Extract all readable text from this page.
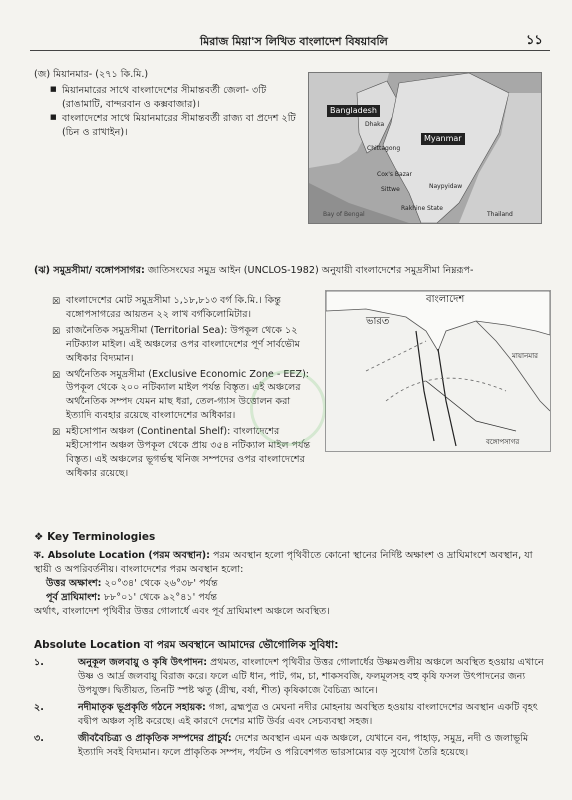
মিরাজ মিয়া'স লিখিত বাংলাদেশ বিষয়াবলি	১১
(জ) মিয়ানমার- (২৭১ কি.মি.)
■ মিয়ানমারের সাথে বাংলাদেশের সীমান্তবর্তী জেলা- ৩টি (রাঙামাটি, বান্দরবান ও কক্সবাজার)।
■ বাংলাদেশের সাথে মিয়ানমারের সীমান্তবর্তী রাজ্য বা প্রদেশ ২টি (চিন ও রাখাইন)।
Bangladesh
Dhaka
Chittagong
Myanmar
Cox's Bazar
Sittwe
Rakhine State
Bay of Bengal
Naypyidaw
Thailand
(ঝ) সমুদ্রসীমা/ বঙ্গোপসাগর: জাতিসংঘের সমুদ্র আইন (UNCLOS-1982) অনুযায়ী বাংলাদেশের সমুদ্রসীমা নিম্নরূপ-
☒ বাংলাদেশের মোট সমুদ্রসীমা ১,১৮,৮১৩ বর্গ কি.মি.। কিন্তু বঙ্গোপসাগরের আয়তন ২২ লাখ বর্গকিলোমিটার।
☒ রাজনৈতিক সমুদ্রসীমা (Territorial Sea): উপকূল থেকে ১২ নটিক্যাল মাইল। এই অঞ্চলের ওপর বাংলাদেশের পূর্ণ সার্বভৌম অধিকার বিদ্যমান।
☒ অর্থনৈতিক সমুদ্রসীমা (Exclusive Economic Zone - EEZ): উপকূল থেকে ২০০ নটিক্যাল মাইল পর্যন্ত বিস্তৃত। এই অঞ্চলের অর্থনৈতিক সম্পদ যেমন মাছ ধরা, তেল-গ্যাস উত্তোলন করা ইত্যাদি ব্যবহার রয়েছে বাংলাদেশের অধিকার।
☒ মহীসোপান অঞ্চল (Continental Shelf): বাংলাদেশের মহীসোপান অঞ্চল উপকূল থেকে প্রায় ৩৫৪ নটিক্যাল মাইল পর্যন্ত বিস্তৃত। এই অঞ্চলের ভূগর্ভস্থ খনিজ সম্পদের ওপর বাংলাদেশের অধিকার রয়েছে।
ভারত
বাংলাদেশ
মায়ানমার
বঙ্গোপসাগর
❖ Key Terminologies
ক. Absolute Location (পরম অবস্থান): পরম অবস্থান হলো পৃথিবীতে কোনো স্থানের নির্দিষ্ট অক্ষাংশ ও দ্রাঘিমাংশে অবস্থান, যা স্থায়ী ও অপরিবর্তনীয়। বাংলাদেশের পরম অবস্থান হলো:
উত্তর অক্ষাংশ: ২০°৩৪' থেকে ২৬°৩৮' পর্যন্ত
পূর্ব দ্রাঘিমাংশ: ৮৮°০১' থেকে ৯২°৪১' পর্যন্ত
অর্থাৎ, বাংলাদেশ পৃথিবীর উত্তর গোলার্ধে এবং পূর্ব দ্রাঘিমাংশ অঞ্চলে অবস্থিত।
Absolute Location বা পরম অবস্থানে আমাদের ভৌগোলিক সুবিধা:
১.	অনুকূল জলবায়ু ও কৃষি উৎপাদন: প্রথমত, বাংলাদেশ পৃথিবীর উত্তর গোলার্ধের উষ্ণমণ্ডলীয় অঞ্চলে অবস্থিত হওয়ায় এখানে উষ্ণ ও আর্দ্র জলবায়ু বিরাজ করে। ফলে এটি ধান, পাট, গম, চা, শাকসবজি, ফলমূলসহ বহু কৃষি ফসল উৎপাদনের জন্য উপযুক্ত। দ্বিতীয়ত, তিনটি স্পষ্ট ঋতু (গ্রীষ্ম, বর্ষা, শীত) কৃষিকাজে বৈচিত্র্য আনে।
২.	নদীমাতৃক ভূপ্রকৃতি গঠনে সহায়ক: গঙ্গা, ব্রহ্মপুত্র ও মেঘনা নদীর মোহনায় অবস্থিত হওয়ায় বাংলাদেশের অবস্থান একটি বৃহৎ বদ্বীপ অঞ্চল সৃষ্টি করেছে। এই কারণে দেশের মাটি উর্বর এবং সেচব্যবস্থা সহজ।
৩.	জীববৈচিত্র্য ও প্রাকৃতিক সম্পদের প্রাচুর্য: দেশের অবস্থান এমন এক অঞ্চলে, যেখানে বন, পাহাড়, সমুদ্র, নদী ও জলাভূমি ইত্যাদি সবই বিদ্যমান। ফলে প্রাকৃতিক সম্পদ, পর্যটন ও পরিবেশগত ভারসাম্যের বড় সুযোগ তৈরি হয়েছে।
